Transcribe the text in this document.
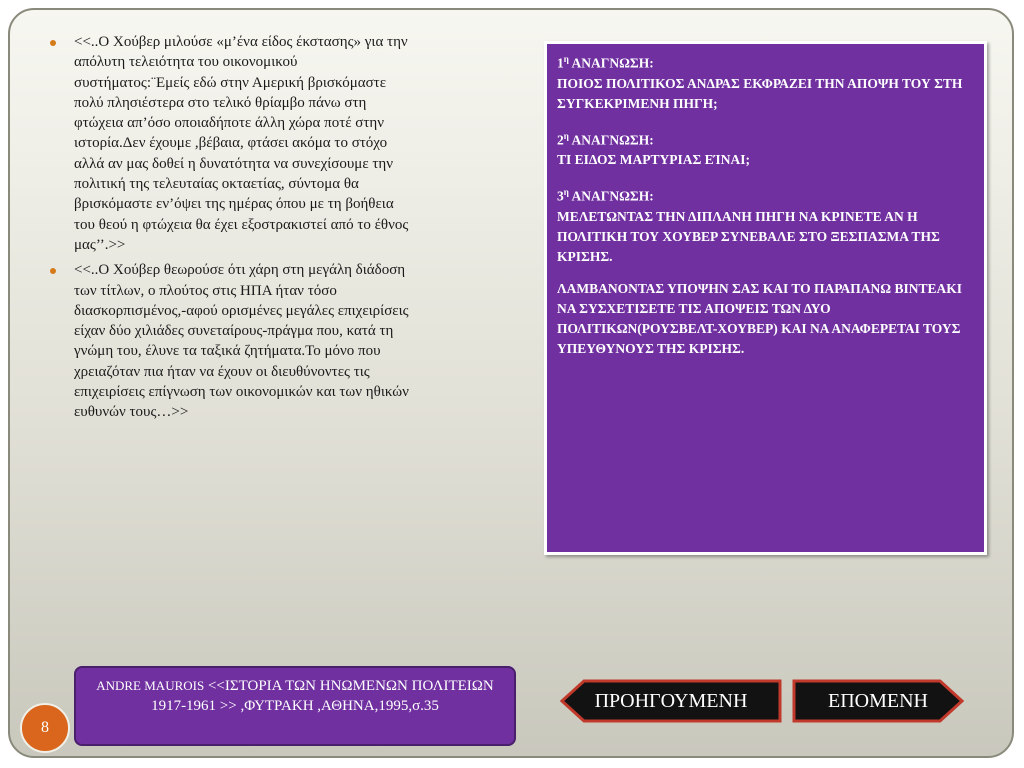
<<..Ο Χούβερ μιλούσε «μ’ένα είδος έκστασης» για την απόλυτη τελειότητα του οικονομικού συστήματος:¨Εμείς εδώ στην Αμερική βρισκόμαστε πολύ πλησιέστερα στο τελικό θρίαμβο πάνω στη φτώχεια απ’όσο οποιαδήποτε άλλη χώρα ποτέ στην ιστορία.Δεν έχουμε ,βέβαια, φτάσει ακόμα το στόχο αλλά αν μας δοθεί η δυνατότητα να συνεχίσουμε την πολιτική της τελευταίας οκταετίας, σύντομα θα βρισκόμαστε εν’όψει της ημέρας όπου με τη βοήθεια του θεού η φτώχεια θα έχει εξοστρακιστεί από το έθνος μας’’.>>
<<..Ο Χούβερ θεωρούσε ότι χάρη στη μεγάλη διάδοση των τίτλων, ο πλούτος στις ΗΠΑ ήταν τόσο διασκορπισμένος,-αφού ορισμένες μεγάλες επιχειρίσεις είχαν δύο χιλιάδες συνεταίρους-πράγμα που, κατά τη γνώμη του, έλυνε τα ταξικά ζητήματα.Το μόνο που χρειαζόταν πια ήταν να έχουν οι διευθύνοντες τις επιχειρίσεις επίγνωση των οικονομικών και των ηθικών ευθυνών τους…>>

$1^\eta$ ΑΝΑΓΝΩΣΗ:
ΠΟΙΟΣ ΠΟΛΙΤΙΚΟΣ ΑΝΔΡΑΣ ΕΚΦΡΑΖΕΙ ΤΗΝ ΑΠΟΨΗ ΤΟΥ ΣΤΗ ΣΥΓΚΕΚΡΙΜΕΝΗ ΠΗΓΗ;

$2^\eta$ ΑΝΑΓΝΩΣΗ:
ΤΙ ΕΙΔΟΣ ΜΑΡΤΥΡΙΑΣ ΕΊΝΑΙ;

$3^\eta$ ΑΝΑΓΝΩΣΗ:
ΜΕΛΕΤΩΝΤΑΣ ΤΗΝ ΔΙΠΛΑΝΗ ΠΗΓΗ ΝΑ ΚΡΙΝΕΤΕ ΑΝ Η ΠΟΛΙΤΙΚΗ ΤΟΥ ΧΟΥΒΕΡ ΣΥΝΕΒΑΛΕ ΣΤΟ ΞΕΣΠΑΣΜΑ ΤΗΣ ΚΡΙΣΗΣ.

ΛΑΜΒΑΝΟΝΤΑΣ ΥΠΟΨΗΝ ΣΑΣ ΚΑΙ ΤΟ ΠΑΡΑΠΑΝΩ ΒΙΝΤΕΑΚΙ ΝΑ ΣΥΣΧΕΤΙΣΕΤΕ ΤΙΣ ΑΠΟΨΕΙΣ ΤΩΝ ΔΥΟ ΠΟΛΙΤΙΚΩΝ(ΡΟΥΣΒΕΛΤ-ΧΟΥΒΕΡ) ΚΑΙ ΝΑ ΑΝΑΦΕΡΕΤΑΙ ΤΟΥΣ ΥΠΕΥΘΥΝΟΥΣ ΤΗΣ ΚΡΙΣΗΣ.

ANDRE MAUROIS <<ΙΣΤΟΡΙΑ ΤΩΝ ΗΝΩΜΕΝΩΝ ΠΟΛΙΤΕΙΩΝ 1917-1961 >> ,ΦΥΤΡΑΚΗ ,ΑΘΗΝΑ,1995,σ.35
8
ΠΡΟΗΓΟΥΜΕΝΗ	ΕΠΟΜΕΝΗ
